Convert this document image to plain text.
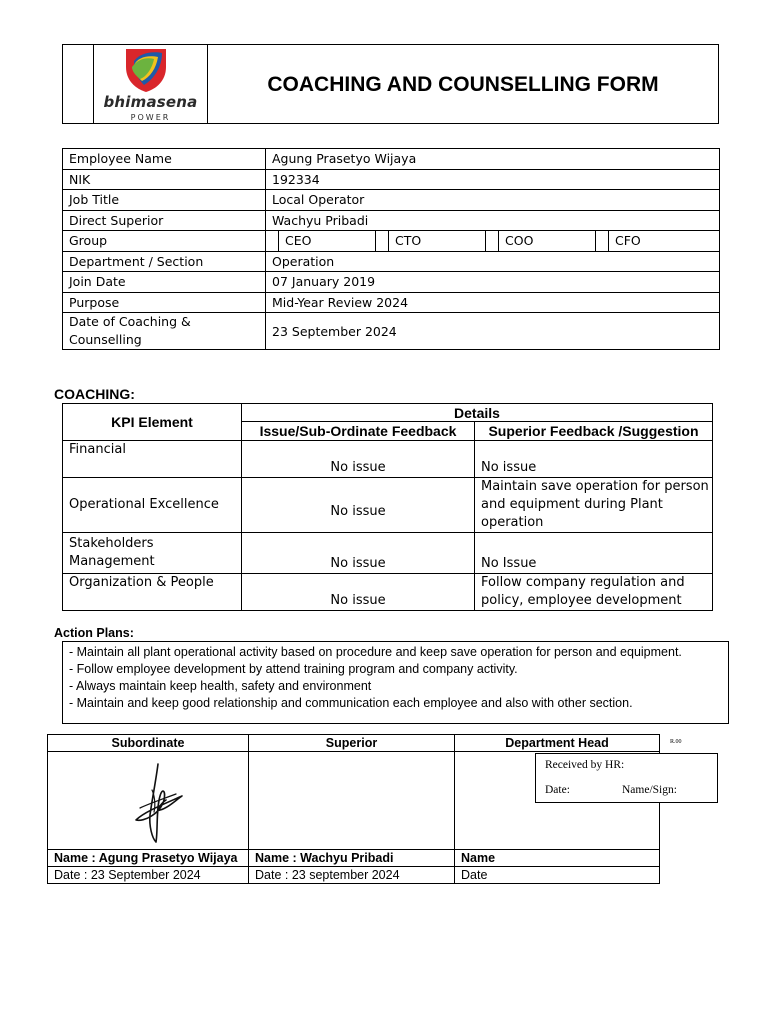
bhimasena
POWER
COACHING AND COUNSELLING FORM
Employee Name	Agung Prasetyo Wijaya							
NIK	192334							
Job Title	Local Operator							
Direct Superior	Wachyu Pribadi							
Group		CEO		CTO		COO		CFO
Department / Section	Operation							
Join Date	07 January 2019							
Purpose	Mid-Year Review 2024							
Date of Coaching & Counselling	23 September 2024							
COACHING:
KPI Element	Details	
	Issue/Sub-Ordinate Feedback	Superior Feedback /Suggestion
Financial	No issue	No issue
Operational Excellence	No issue	Maintain save operation for person and equipment during Plant operation
Stakeholders Management	No issue	No Issue
Organization & People	No issue	Follow company regulation and policy, employee development
Action Plans:
- Maintain all plant operational activity based on procedure and keep save operation for person and equipment.
- Follow employee development by attend training program and company activity.
- Always maintain keep health, safety and environment
- Maintain and keep good relationship and communication each employee and also with other section.
Subordinate	Superior	Department Head

Name : Agung Prasetyo Wijaya	Name : Wachyu Pribadi	Name
Date : 23 September 2024	Date : 23 september 2024	Date
R.00
Received by HR:
Date:	Name/Sign:
